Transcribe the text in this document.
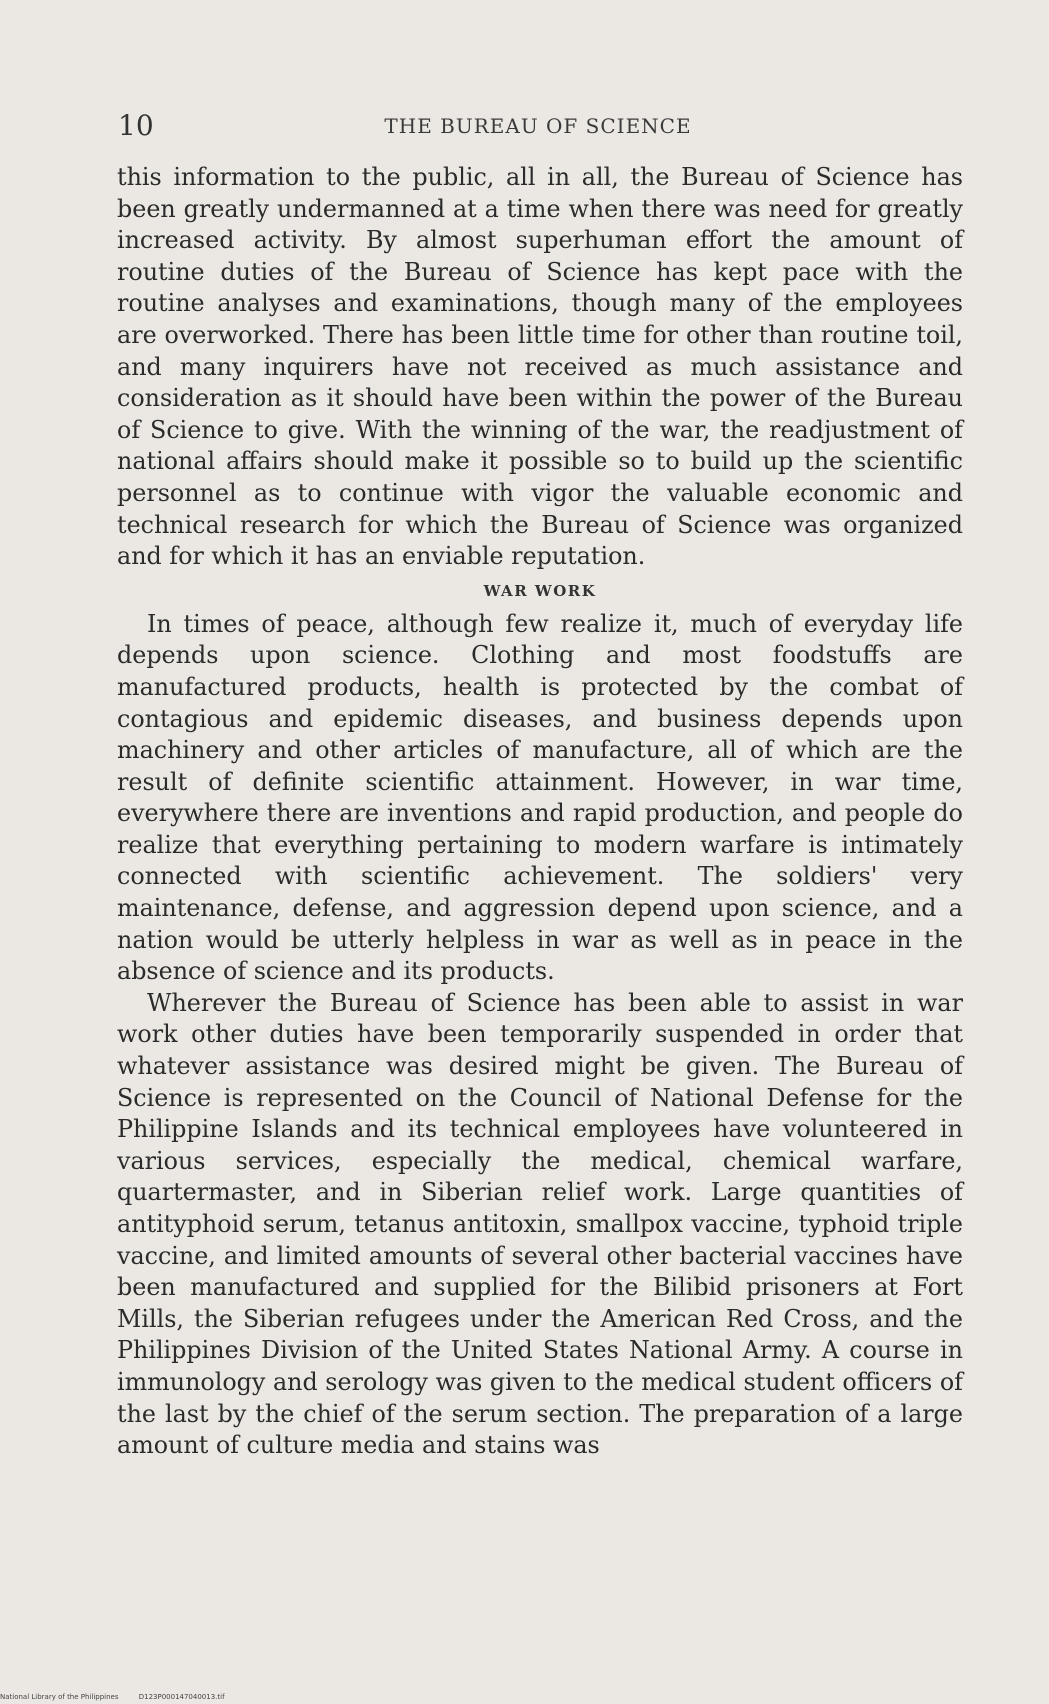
10	THE BUREAU OF SCIENCE

this information to the public, all in all, the Bureau of Science has been greatly undermanned at a time when there was need for greatly increased activity. By almost superhuman effort the amount of routine duties of the Bureau of Science has kept pace with the routine analyses and examinations, though many of the employees are overworked. There has been little time for other than routine toil, and many inquirers have not received as much assistance and consideration as it should have been within the power of the Bureau of Science to give. With the winning of the war, the readjustment of national affairs should make it possible so to build up the scientific personnel as to continue with vigor the valuable economic and technical research for which the Bureau of Science was organized and for which it has an enviable reputation.

WAR WORK

In times of peace, although few realize it, much of everyday life depends upon science. Clothing and most foodstuffs are manufactured products, health is protected by the combat of contagious and epidemic diseases, and business depends upon machinery and other articles of manufacture, all of which are the result of definite scientific attainment. However, in war time, everywhere there are inventions and rapid production, and people do realize that everything pertaining to modern warfare is intimately connected with scientific achievement. The soldiers' very maintenance, defense, and aggression depend upon science, and a nation would be utterly helpless in war as well as in peace in the absence of science and its products.

Wherever the Bureau of Science has been able to assist in war work other duties have been temporarily suspended in order that whatever assistance was desired might be given. The Bureau of Science is represented on the Council of National Defense for the Philippine Islands and its technical employees have volunteered in various services, especially the medical, chemical warfare, quartermaster, and in Siberian relief work. Large quantities of antityphoid serum, tetanus antitoxin, smallpox vaccine, typhoid triple vaccine, and limited amounts of several other bacterial vaccines have been manufactured and supplied for the Bilibid prisoners at Fort Mills, the Siberian refugees under the American Red Cross, and the Philippines Division of the United States National Army. A course in immunology and serology was given to the medical student officers of the last by the chief of the serum section. The preparation of a large amount of culture media and stains was

National Library of the Philippines	D123P000147040013.tif
